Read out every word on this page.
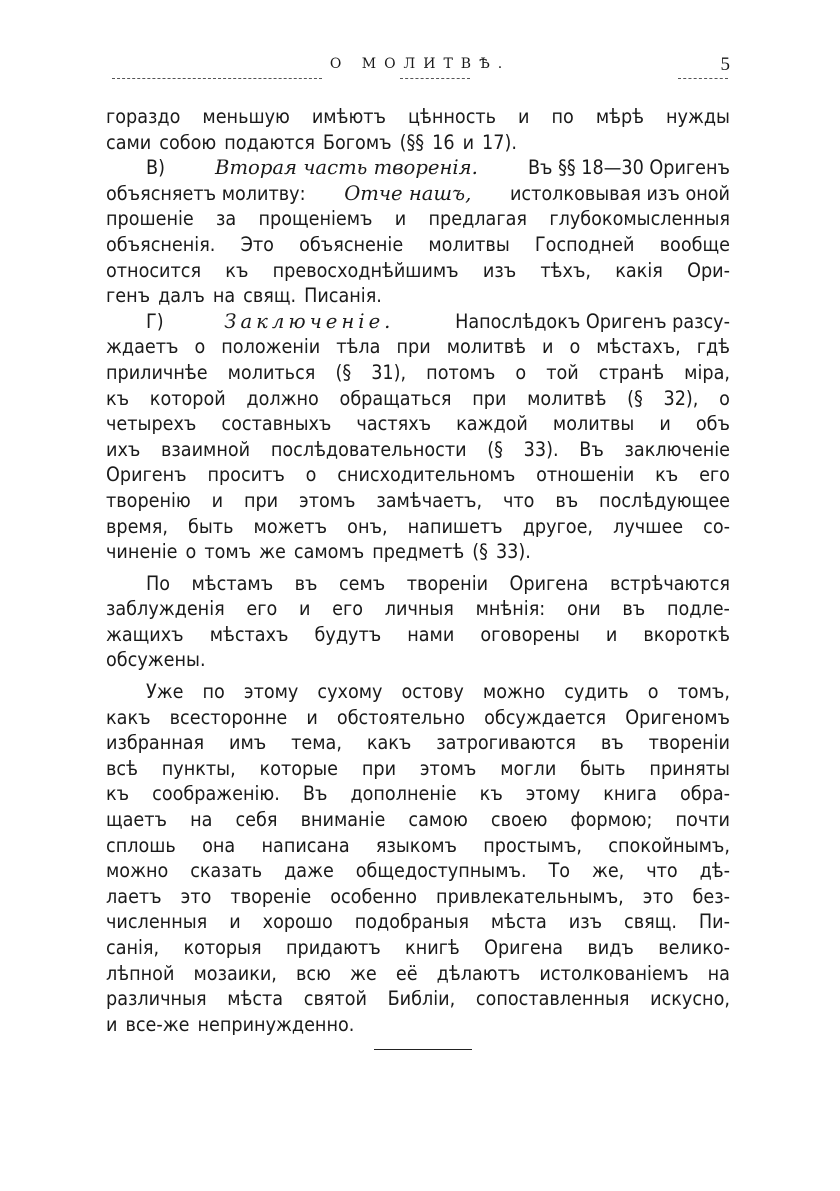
О МОЛИТВѢ.	5
гораздо меньшую имѣютъ цѣнность и по мѣрѣ нужды
сами собою подаются Богомъ (§§ 16 и 17).
В)	Вторая часть творенія.	Въ §§ 18—30 Оригенъ
объясняетъ молитву: Отче нашъ, истолковывая изъ оной
прошеніе за прощеніемъ и предлагая глубокомысленныя
объясненія. Это объясненіе молитвы Господней вообще
относится къ превосходнѣйшимъ изъ тѣхъ, какія Ори-
генъ далъ на свящ. Писанія.
Г)	Заключеніе.	Напослѣдокъ Оригенъ разсу-
ждаетъ о положеніи тѣла при молитвѣ и о мѣстахъ, гдѣ
приличнѣе молиться (§ 31), потомъ о той странѣ міра,
къ которой должно обращаться при молитвѣ (§ 32), о
четырехъ составныхъ частяхъ каждой молитвы и объ
ихъ взаимной послѣдовательности (§ 33). Въ заключеніе
Оригенъ проситъ о снисходительномъ отношеніи къ его
творенію и при этомъ замѣчаетъ, что въ послѣдующее
время, быть можетъ онъ, напишетъ другое, лучшее со-
чиненіе о томъ же самомъ предметѣ (§ 33).
По мѣстамъ въ семъ твореніи Оригена встрѣчаются
заблужденія его и его личныя мнѣнія: они въ подле-
жащихъ мѣстахъ будутъ нами оговорены и вкороткѣ
обсужены.
Уже по этому сухому остову можно судить о томъ,
какъ всесторонне и обстоятельно обсуждается Оригеномъ
избранная имъ тема, какъ затрогиваются въ твореніи
всѣ пункты, которые при этомъ могли быть приняты
къ соображенію. Въ дополненіе къ этому книга обра-
щаетъ на себя вниманіе самою своею формою; почти
сплошь она написана языкомъ простымъ, спокойнымъ,
можно сказать даже общедоступнымъ. То же, что дѣ-
лаетъ это твореніе особенно привлекательнымъ, это без-
численныя и хорошо подобраныя мѣста изъ свящ. Пи-
санія, которыя придаютъ книгѣ Оригена видъ велико-
лѣпной мозаики, всю же её дѣлаютъ истолкованіемъ на
различныя мѣста святой Библіи, сопоставленныя искусно,
и все-же непринужденно.
